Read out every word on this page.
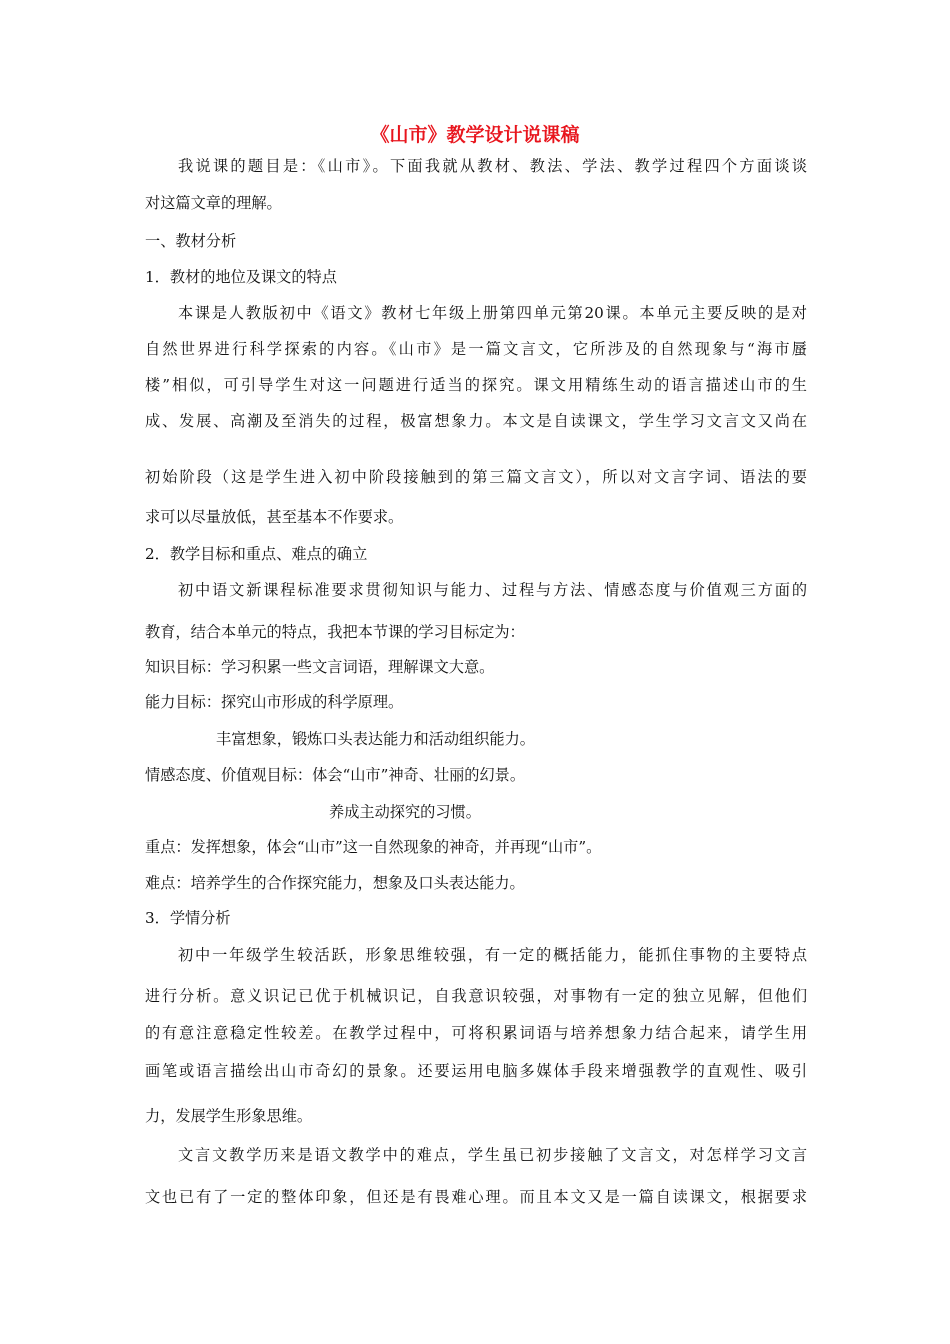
《山市》教学设计说课稿
我说课的题目是：《山市》。下面我就从教材、教法、学法、教学过程四个方面谈谈
对这篇文章的理解。
一、教材分析
1．教材的地位及课文的特点
本课是人教版初中《语文》教材七年级上册第四单元第20课。本单元主要反映的是对
自然世界进行科学探索的内容。《山市》是一篇文言文，它所涉及的自然现象与“海市蜃
楼”相似，可引导学生对这一问题进行适当的探究。课文用精练生动的语言描述山市的生
成、发展、高潮及至消失的过程，极富想象力。本文是自读课文，学生学习文言文又尚在
初始阶段（这是学生进入初中阶段接触到的第三篇文言文），所以对文言字词、语法的要
求可以尽量放低，甚至基本不作要求。
2．教学目标和重点、难点的确立
初中语文新课程标准要求贯彻知识与能力、过程与方法、情感态度与价值观三方面的
教育，结合本单元的特点，我把本节课的学习目标定为：
知识目标：学习积累一些文言词语，理解课文大意。
能力目标：探究山市形成的科学原理。
丰富想象，锻炼口头表达能力和活动组织能力。
情感态度、价值观目标：体会“山市”神奇、壮丽的幻景。
养成主动探究的习惯。
重点：发挥想象，体会“山市”这一自然现象的神奇，并再现“山市”。
难点：培养学生的合作探究能力，想象及口头表达能力。
3．学情分析
初中一年级学生较活跃，形象思维较强，有一定的概括能力，能抓住事物的主要特点
进行分析。意义识记已优于机械识记，自我意识较强，对事物有一定的独立见解，但他们
的有意注意稳定性较差。在教学过程中，可将积累词语与培养想象力结合起来，请学生用
画笔或语言描绘出山市奇幻的景象。还要运用电脑多媒体手段来增强教学的直观性、吸引
力，发展学生形象思维。
文言文教学历来是语文教学中的难点，学生虽已初步接触了文言文，对怎样学习文言
文也已有了一定的整体印象，但还是有畏难心理。而且本文又是一篇自读课文，根据要求
